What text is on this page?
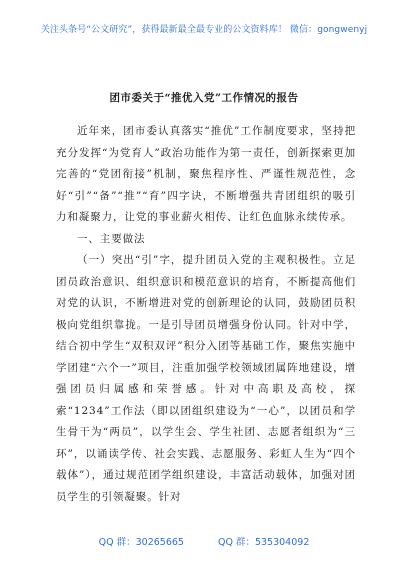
关注头条号“公文研究”，获得最新最全最专业的公文资料库！ 微信：gongwenyj
团市委关于“推优入党”工作情况的报告

近年来，团市委认真落实“推优”工作制度要求，坚持把充分发挥“为党育人”政治功能作为第一责任，创新探索更加完善的“党团衔接”机制，聚焦程序性、严谨性规范性，念好“引”“备”“推”“育”四字诀，不断增强共青团组织的吸引力和凝聚力，让党的事业薪火相传、让红色血脉永续传承。

一、主要做法

（一）突出“引”字，提升团员入党的主观积极性。立足团员政治意识、组织意识和模范意识的培育，不断提高他们对党的认识，不断增进对党的创新理论的认同，鼓励团员积极向党组织靠拢。一是引导团员增强身份认同。针对中学，结合初中学生“双积双评”积分入团等基础工作，聚焦实施中学团建“六个一”项目，注重加强学校领域团属阵地建设，增强团员归属感和荣誉感。针对中高职及高校，探索“1234”工作法（即以团组织建设为“一心”，以团员和学生骨干为“两员”，以学生会、学生社团、志愿者组织为“三环”，以诵读学传、社会实践、志愿服务、彩虹人生为“四个载体”），通过规范团学组织建设，丰富活动载体，加强对团员学生的引领凝聚。针对

QQ 群：30265665	QQ 群：535304092
